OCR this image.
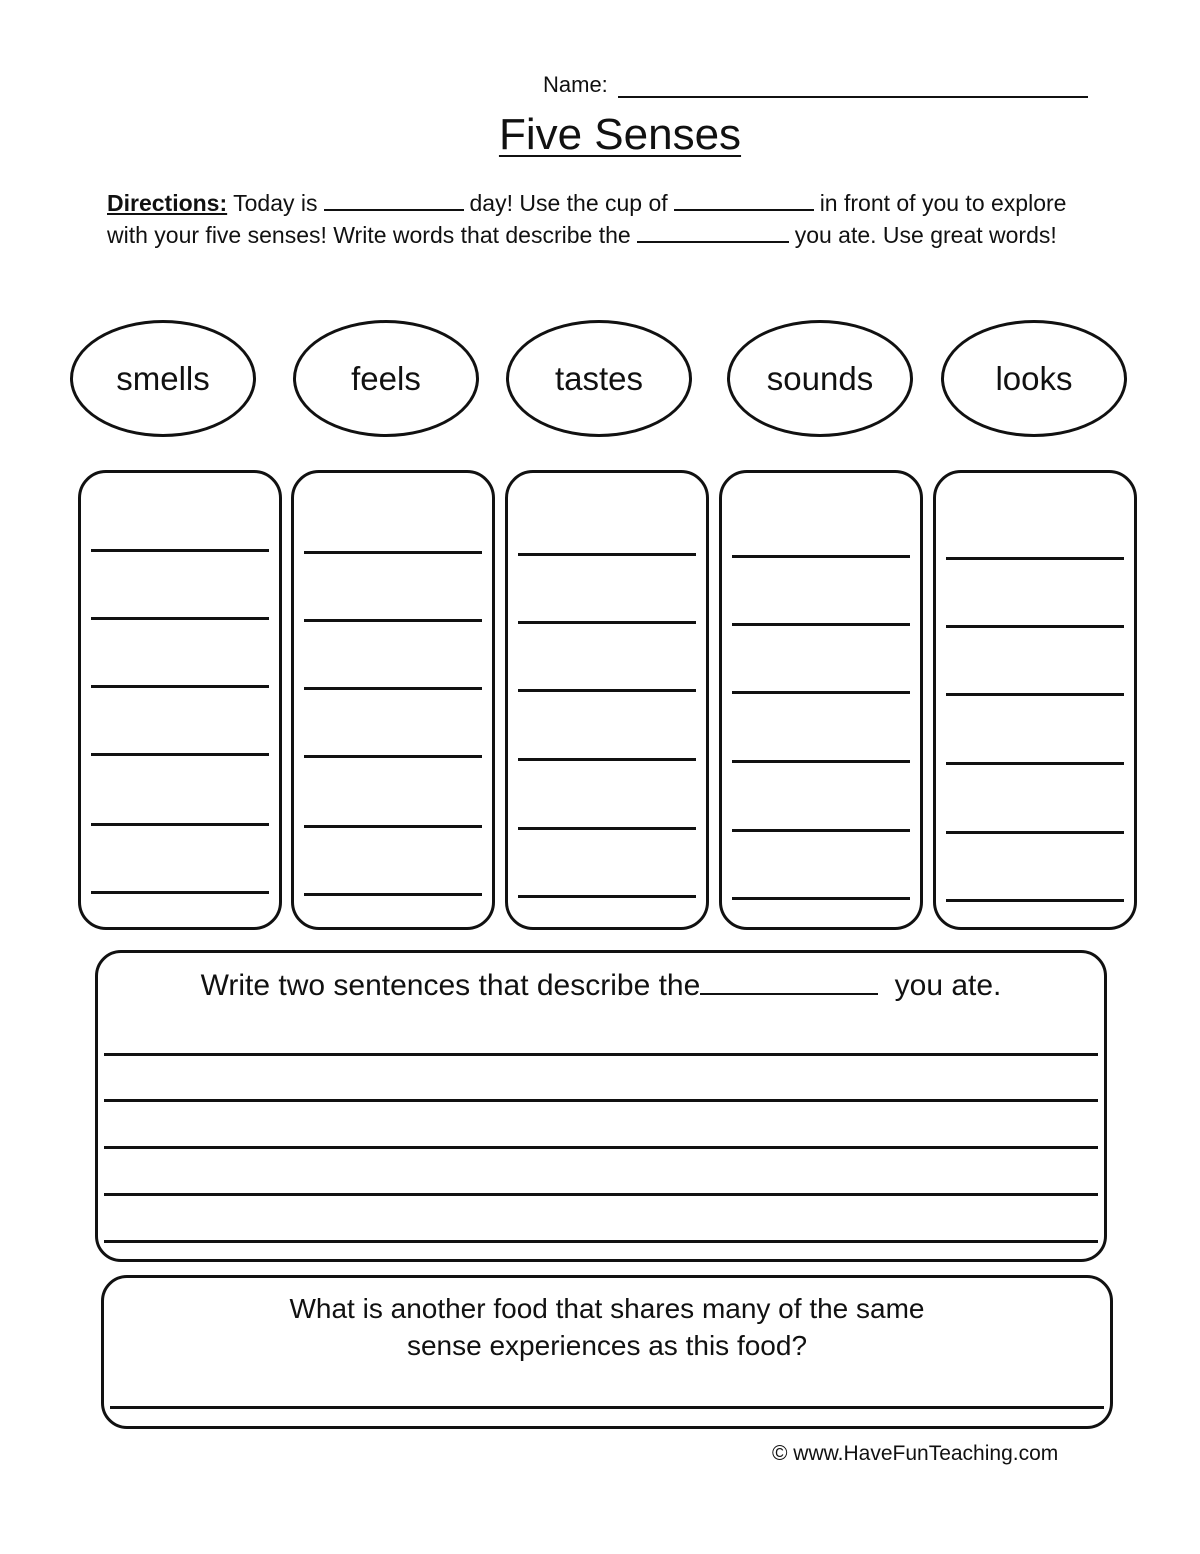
Name:
Five Senses
Directions: Today is	day! Use the cup of	in front of you to explore with your five senses! Write words that describe the	you ate. Use great words!
smells	feels	tastes	sounds	looks
Write two sentences that describe the	you ate.
What is another food that shares many of the same sense experiences as this food?
© www.HaveFunTeaching.com
